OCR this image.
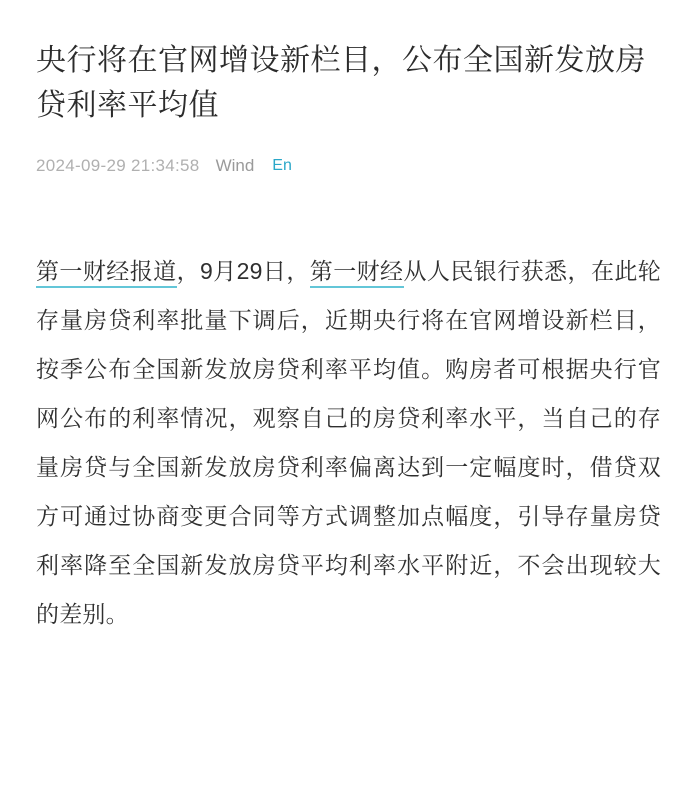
央行将在官网增设新栏目，公布全国新发放房贷利率平均值
2024-09-29 21:34:58 Wind En
第一财经报道，9月29日，第一财经从人民银行获悉，在此轮存量房贷利率批量下调后，近期央行将在官网增设新栏目，按季公布全国新发放房贷利率平均值。购房者可根据央行官网公布的利率情况，观察自己的房贷利率水平，当自己的存量房贷与全国新发放房贷利率偏离达到一定幅度时，借贷双方可通过协商变更合同等方式调整加点幅度，引导存量房贷利率降至全国新发放房贷平均利率水平附近，不会出现较大的差别。
